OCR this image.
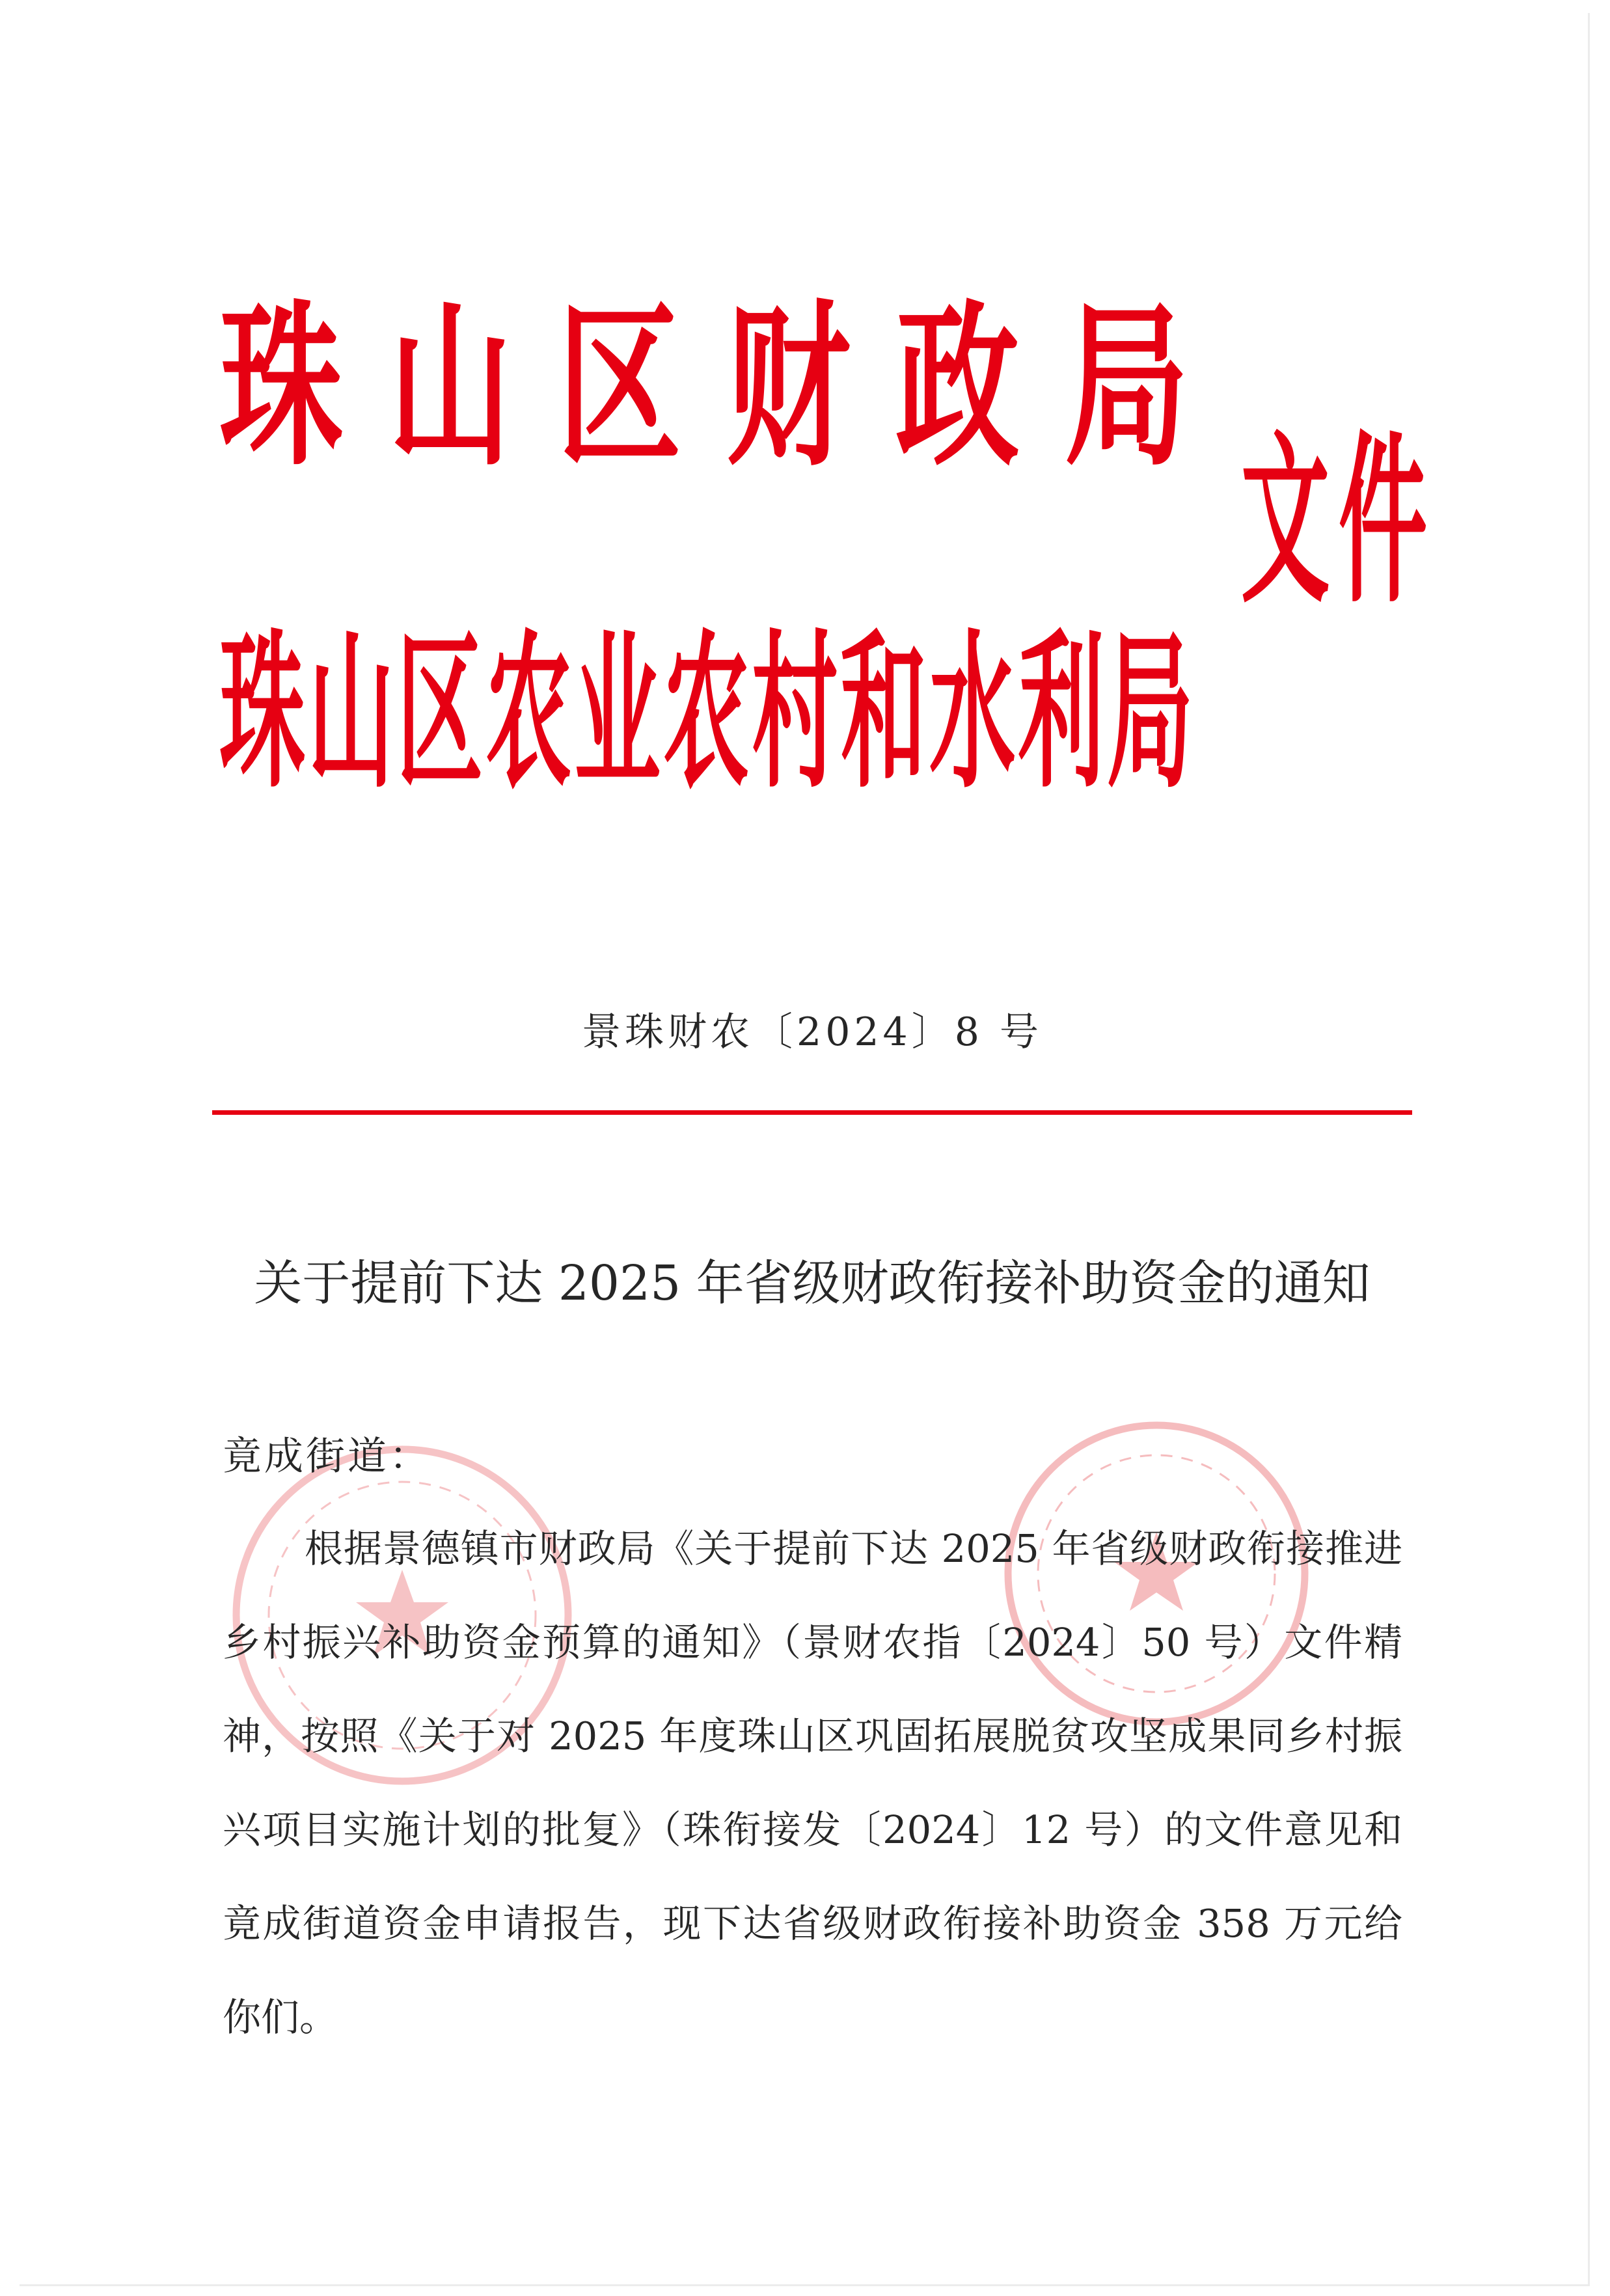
珠 山 区 财 政 局
文件
珠山区农业农村和水利局
景珠财农〔2024〕8 号
关于提前下达 2025 年省级财政衔接补助资金的通知
竟成街道：
根据景德镇市财政局《关于提前下达 2025 年省级财政衔接推进
乡村振兴补助资金预算的通知》（景财农指〔2024〕50 号）文件精
神，按照《关于对 2025 年度珠山区巩固拓展脱贫攻坚成果同乡村振
兴项目实施计划的批复》（珠衔接发〔2024〕12 号）的文件意见和
竟成街道资金申请报告，现下达省级财政衔接补助资金 358 万元给
你们。
